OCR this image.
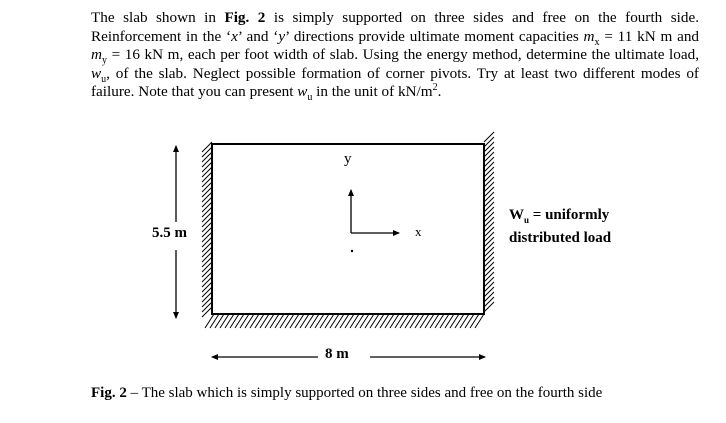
The slab shown in Fig. 2 is simply supported on three sides and free on the fourth side. Reinforcement in the ‘x’ and ‘y’ directions provide ultimate moment capacities $m_x = 11$ kN m and $m_y = 16$ kN m, each per foot width of slab. Using the energy method, determine the ultimate load, $w_u$, of the slab. Neglect possible formation of corner pivots. Try at least two different modes of failure. Note that you can present $w_u$ in the unit of $kN/m^2$.
y
x
5.5 m
8 m
$W_u$ = uniformly
distributed load
Fig. 2 – The slab which is simply supported on three sides and free on the fourth side
